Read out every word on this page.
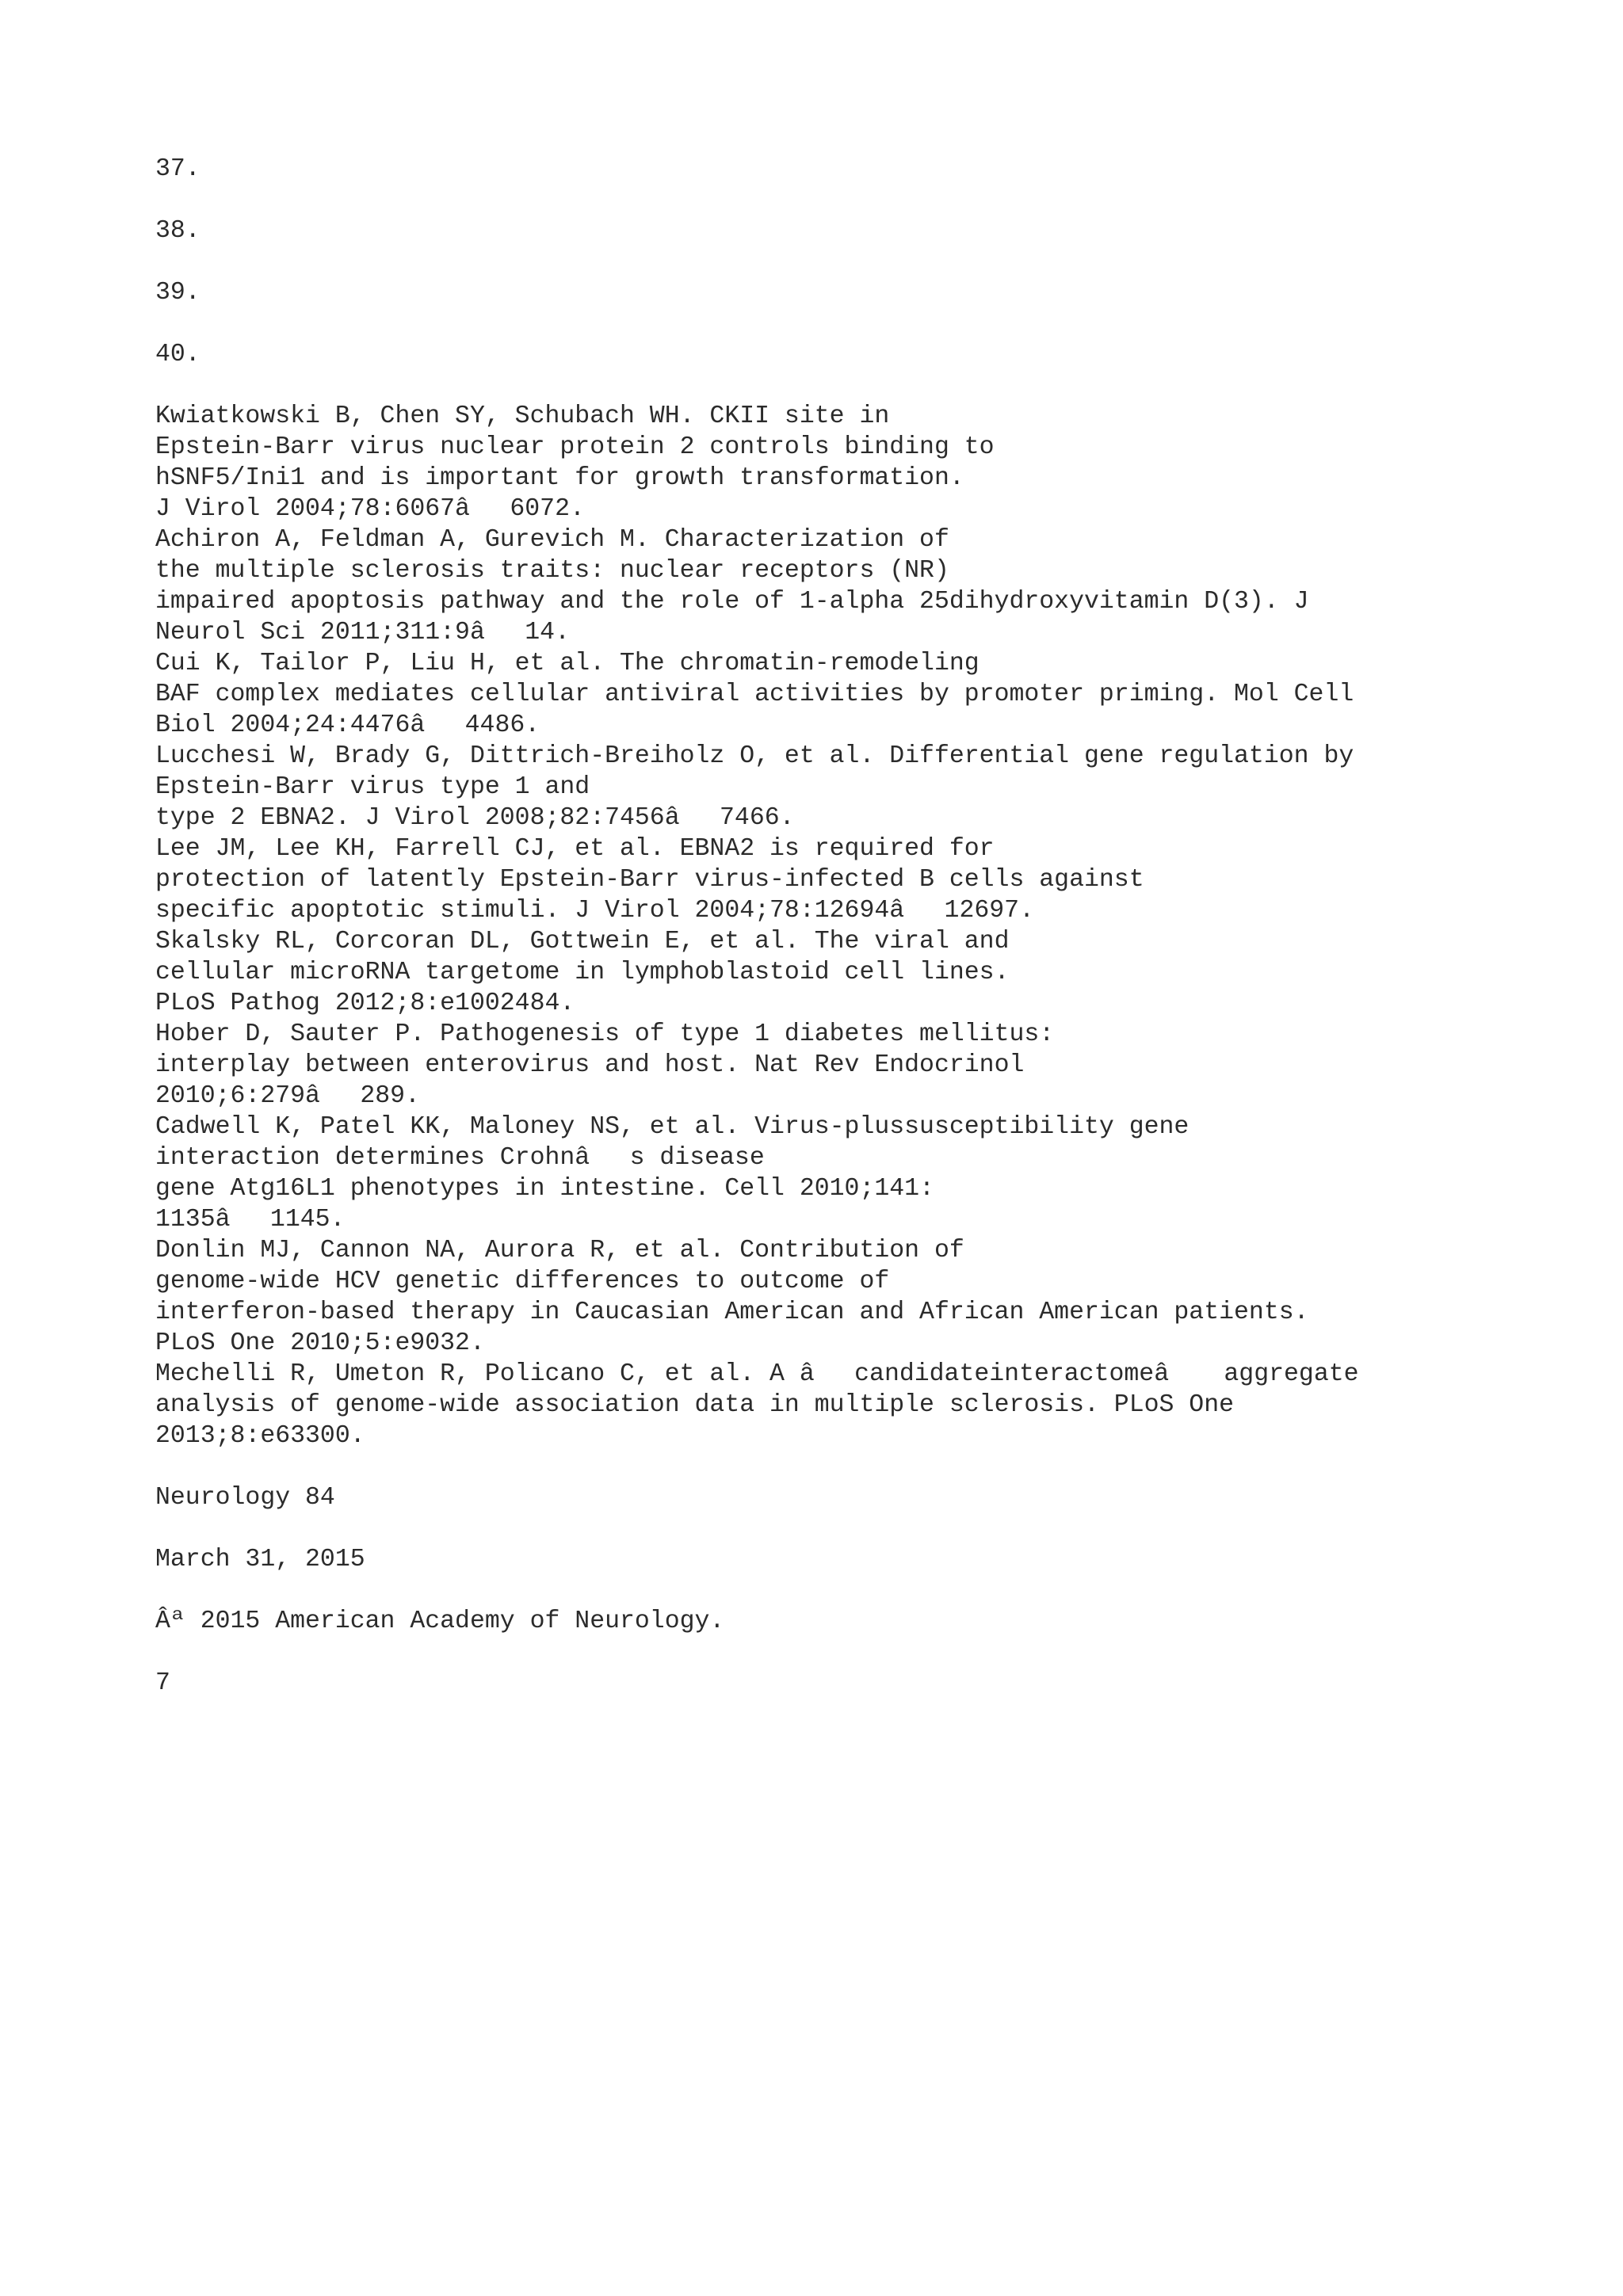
37.

38.

39.

40.

Kwiatkowski B, Chen SY, Schubach WH. CKII site in

Epstein-Barr virus nuclear protein 2 controls binding to

hSNF5/Ini1 and is important for growth transformation.

J Virol 2004;78:6067â6072.

Achiron A, Feldman A, Gurevich M. Characterization of

the multiple sclerosis traits: nuclear receptors (NR)

impaired apoptosis pathway and the role of 1-alpha 25dihydroxyvitamin D(3). J

Neurol Sci 2011;311:9â14.

Cui K, Tailor P, Liu H, et al. The chromatin-remodeling

BAF complex mediates cellular antiviral activities by promoter priming. Mol Cell

Biol 2004;24:4476â4486.

Lucchesi W, Brady G, Dittrich-Breiholz O, et al. Differential gene regulation by

Epstein-Barr virus type 1 and

type 2 EBNA2. J Virol 2008;82:7456â7466.

Lee JM, Lee KH, Farrell CJ, et al. EBNA2 is required for

protection of latently Epstein-Barr virus-infected B cells against

specific apoptotic stimuli. J Virol 2004;78:12694â12697.

Skalsky RL, Corcoran DL, Gottwein E, et al. The viral and

cellular microRNA targetome in lymphoblastoid cell lines.

PLoS Pathog 2012;8:e1002484.

Hober D, Sauter P. Pathogenesis of type 1 diabetes mellitus:

interplay between enterovirus and host. Nat Rev Endocrinol

2010;6:279â289.

Cadwell K, Patel KK, Maloney NS, et al. Virus-plussusceptibility gene

interaction determines Crohnâs disease

gene Atg16L1 phenotypes in intestine. Cell 2010;141:

1135â1145.

Donlin MJ, Cannon NA, Aurora R, et al. Contribution of

genome-wide HCV genetic differences to outcome of

interferon-based therapy in Caucasian American and African American patients.

PLoS One 2010;5:e9032.

Mechelli R, Umeton R, Policano C, et al. A âcandidateinteractomeâ aggregate

analysis of genome-wide association data in multiple sclerosis. PLoS One

2013;8:e63300.

Neurology 84

March 31, 2015

Âª 2015 American Academy of Neurology.

7
